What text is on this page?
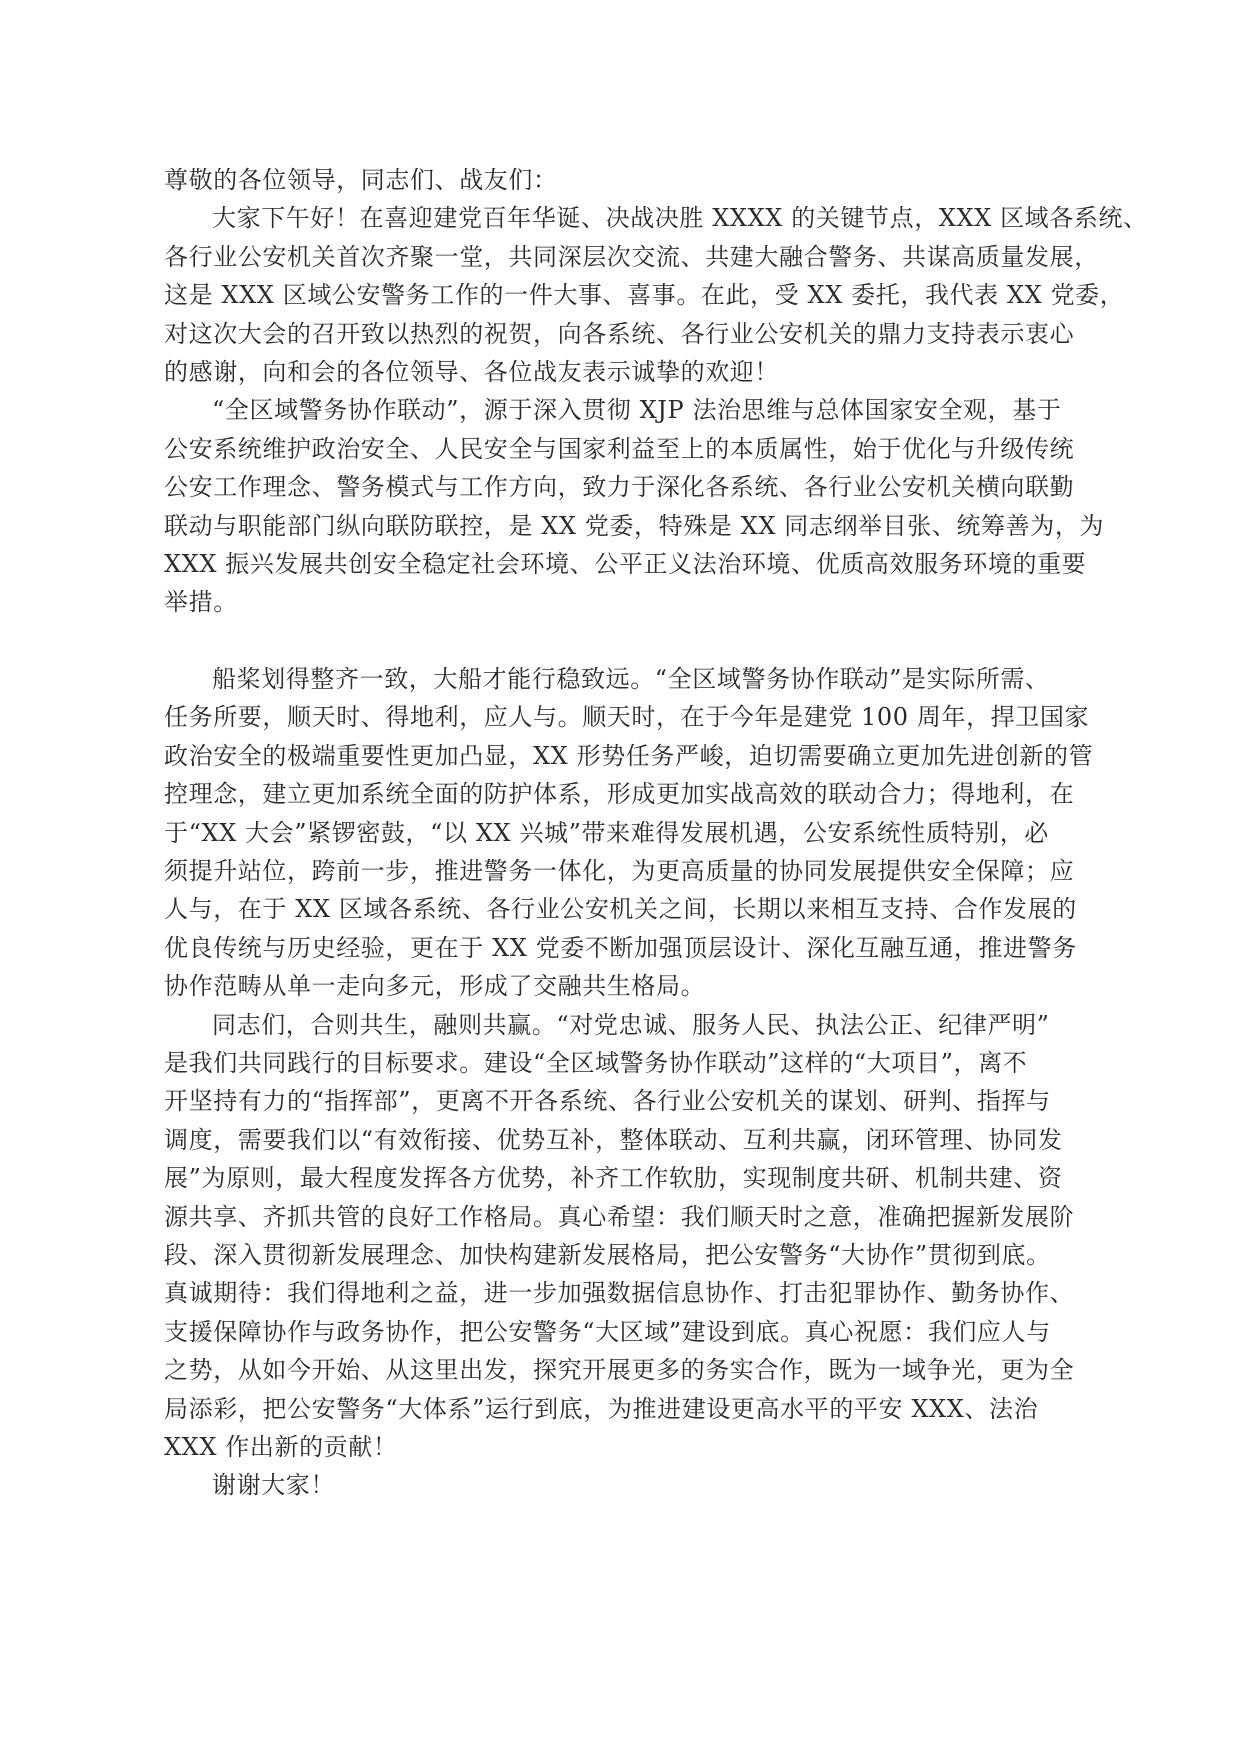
尊敬的各位领导，同志们、战友们：

大家下午好！在喜迎建党百年华诞、决战决胜 XXXX 的关键节点，XXX 区域各系统、
各行业公安机关首次齐聚一堂，共同深层次交流、共建大融合警务、共谋高质量发展，
这是 XXX 区域公安警务工作的一件大事、喜事。在此，受 XX 委托，我代表 XX 党委，
对这次大会的召开致以热烈的祝贺，向各系统、各行业公安机关的鼎力支持表示衷心
的感谢，向和会的各位领导、各位战友表示诚挚的欢迎！

“全区域警务协作联动”，源于深入贯彻 XJP 法治思维与总体国家安全观，基于
公安系统维护政治安全、人民安全与国家利益至上的本质属性，始于优化与升级传统
公安工作理念、警务模式与工作方向，致力于深化各系统、各行业公安机关横向联勤
联动与职能部门纵向联防联控，是 XX 党委，特殊是 XX 同志纲举目张、统筹善为，为
XXX 振兴发展共创安全稳定社会环境、公平正义法治环境、优质高效服务环境的重要
举措。

船桨划得整齐一致，大船才能行稳致远。“全区域警务协作联动”是实际所需、
任务所要，顺天时、得地利，应人与。顺天时，在于今年是建党 100 周年，捍卫国家
政治安全的极端重要性更加凸显，XX 形势任务严峻，迫切需要确立更加先进创新的管
控理念，建立更加系统全面的防护体系，形成更加实战高效的联动合力；得地利，在
于“XX 大会”紧锣密鼓，“以 XX 兴城”带来难得发展机遇，公安系统性质特别，必
须提升站位，跨前一步，推进警务一体化，为更高质量的协同发展提供安全保障；应
人与，在于 XX 区域各系统、各行业公安机关之间，长期以来相互支持、合作发展的
优良传统与历史经验，更在于 XX 党委不断加强顶层设计、深化互融互通，推进警务
协作范畴从单一走向多元，形成了交融共生格局。

同志们，合则共生，融则共赢。“对党忠诚、服务人民、执法公正、纪律严明”
是我们共同践行的目标要求。建设“全区域警务协作联动”这样的“大项目”，离不
开坚持有力的“指挥部”，更离不开各系统、各行业公安机关的谋划、研判、指挥与
调度，需要我们以“有效衔接、优势互补，整体联动、互利共赢，闭环管理、协同发
展”为原则，最大程度发挥各方优势，补齐工作软肋，实现制度共研、机制共建、资
源共享、齐抓共管的良好工作格局。真心希望：我们顺天时之意，准确把握新发展阶
段、深入贯彻新发展理念、加快构建新发展格局，把公安警务“大协作”贯彻到底。
真诚期待：我们得地利之益，进一步加强数据信息协作、打击犯罪协作、勤务协作、
支援保障协作与政务协作，把公安警务“大区域”建设到底。真心祝愿：我们应人与
之势，从如今开始、从这里出发，探究开展更多的务实合作，既为一域争光，更为全
局添彩，把公安警务“大体系”运行到底，为推进建设更高水平的平安 XXX、法治
XXX 作出新的贡献！

谢谢大家！
